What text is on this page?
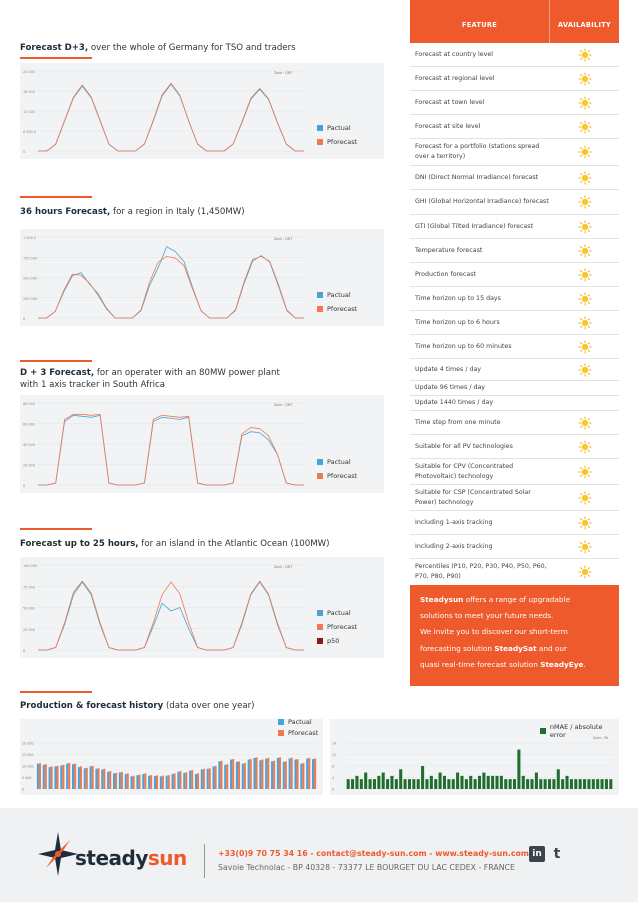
Forecast D+3, over the whole of Germany for TSO and traders
24 000
18 000
12 000
6 000.0
0
Zone : GMT
Pactual
Pforecast
36 hours Forecast, for a region in Italy (1,450MW)
1 000.0
750 000
500 000
250 000
0
Zone : GMT
Pactual
Pforecast
D + 3 Forecast, for an operater with an 80MW power plant
with 1 axis tracker in South Africa
80 000
60 000
40 000
20 000
0
Zone : GMT
Pactual
Pforecast
Forecast up to 25 hours, for an island in the Atlantic Ocean (100MW)
100 000
75 000
50 000
25 000
0
Zone : GMT
Pactual
Pforecast
p50
Production & forecast history (data over one year)
20 000
15 000
10 000
5 000
0
Pactual
Pforecast
14
12
8
4
0
Zone : Pb
nMAE / absolute error
FEATURE	AVAILABILITY
Forecast at country level
Forecast at regional level
Forecast at town level
Forecast at site level
Forecast for a portfolio (stations spread over a territory)
DNI (Direct Normal Irradiance) forecast
GHI (Global Horizontal Irradiance) forecast
GTI (Global Tilted Irradiance) forecast
Temperature forecast
Production forecast
Time horizon up to 15 days
Time horizon up to 6 hours
Time horizon up to 60 minutes
Update 4 times / day
Update 96 times / day
Update 1440 times / day
Time step from one minute
Suitable for all PV technologies
Suitable for CPV (Concentrated Photovoltaic) technology
Suitable for CSP (Concentrated Solar Power) technology
Including 1-axis tracking
Including 2-axis tracking
Percentiles (P10, P20, P30, P40, P50, P60, P70, P80, P90)
Steadysun offers a range of upgradable
solutions to meet your future needs.
We invite you to discover our short-term
forecasting solution SteadySat and our
quasi real-time forecast solution SteadyEye.
steadysun	+33(0)9 70 75 34 16 - contact@steady-sun.com - www.steady-sun.com
Savoie Technolac - BP 40328 - 73377 LE BOURGET DU LAC CEDEX - FRANCE
in t
